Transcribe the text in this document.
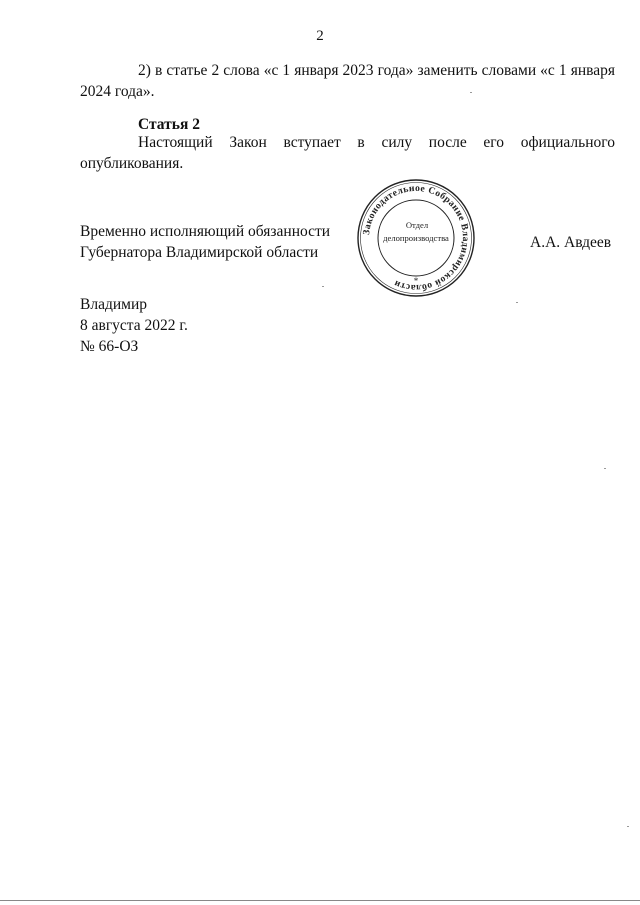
2
2) в статье 2 слова «с 1 января 2023 года» заменить словами «с 1 января
2024 года».
Статья 2
Настоящий Закон вступает в силу после его официального
опубликования.
Временно исполняющий обязанности
Губернатора Владимирской области
Законодательное Собрание Владимирской области	*
Отдел
делопроизводства	А.А. Авдеев
Владимир
8 августа 2022 г.
№ 66-ОЗ
